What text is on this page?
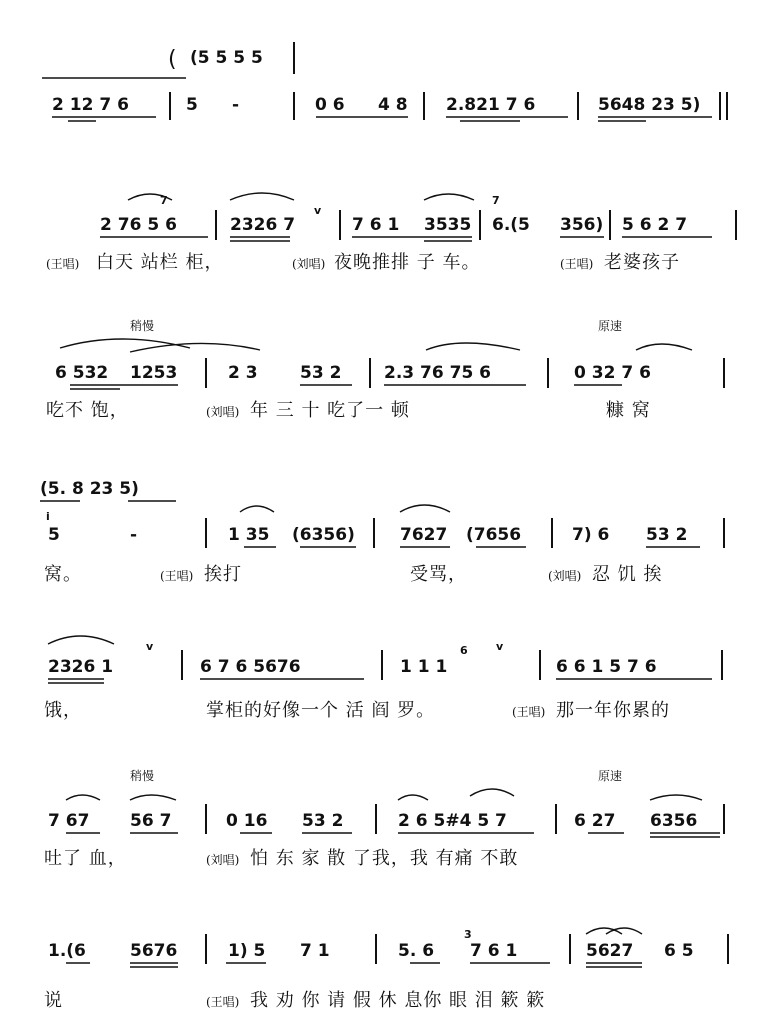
( (5 5 5 5
2 12 7 6	5 -	0 6 4 8 2.821 7 6	5648 23 5)
7	7
2 76 5 6	2326 7
v
7 6 1 3535 6.(5 356) 5 6 2 7
(王唱) 白天 站栏 柜，	(刘唱) 夜晚推排 子 车。	(王唱) 老婆孩子
稍慢	原速
6 532 1253	2 3 53 2	2.3 76 75 6	0 32 7 6
吃不 饱，	(刘唱) 年 三 十 吃了一 顿	糠 窝
(5. 8 23 5)
i
5	-	1 35 (6356)	7627 (7656	7) 6 53 2
窝。	(王唱) 挨打	受骂，	(刘唱) 忍 饥 挨
v
2326 1	6 7 6 5676
6	v
1 1 1	6 6 1 5 7 6
饿，	掌柜的好像一个 活 阎 罗。	(王唱) 那一年你累的
稍慢	原速
7 67 56 7	0 16 53 2	2 6 5#4 5 7	6 27 6356
吐了 血，	(刘唱) 怕 东 家 散 了我，我 有痛 不敢
3
1.(6	5676	1) 5 7 1	5. 6 7 6 1	5627 6 5
说	(王唱) 我 劝 你 请 假 休 息你 眼 泪 簌 簌
